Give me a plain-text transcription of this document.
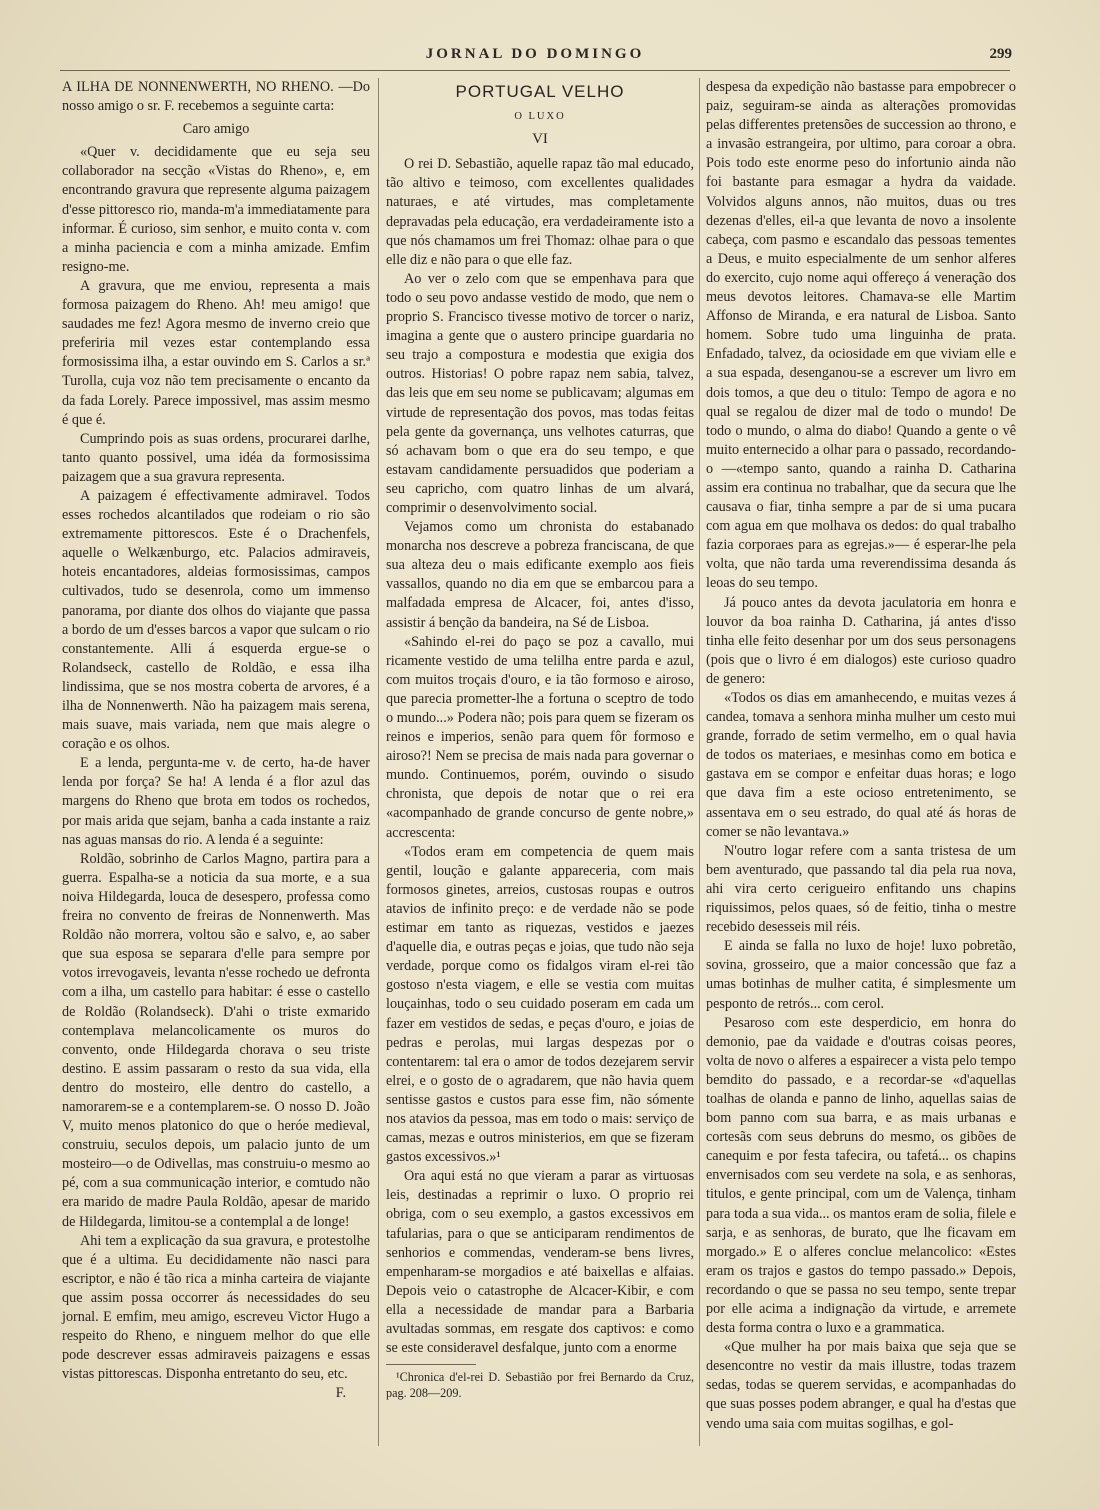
JORNAL DO DOMINGO	299

A ILHA DE NONNENWERTH, NO RHENO. —Do nosso amigo o sr. F. recebemos a seguinte carta:

Caro amigo

«Quer v. decididamente que eu seja seu collaborador na secção «Vistas do Rheno», e, em encontrando gravura que represente alguma paizagem d'esse pittoresco rio, manda-m'a immediatamente para informar. É curioso, sim senhor, e muito conta v. com a minha paciencia e com a minha amizade. Emfim resigno-me.

A gravura, que me enviou, representa a mais formosa paizagem do Rheno. Ah! meu amigo! que saudades me fez! Agora mesmo de inverno creio que preferiria mil vezes estar contemplando essa formosissima ilha, a estar ouvindo em S. Carlos a sr.ª Turolla, cuja voz não tem precisamente o encanto da da fada Lorely. Parece impossivel, mas assim mesmo é que é.

Cumprindo pois as suas ordens, procurarei darlhe, tanto quanto possivel, uma idéa da formosissima paizagem que a sua gravura representa.

A paizagem é effectivamente admiravel. Todos esses rochedos alcantilados que rodeiam o rio são extremamente pittorescos. Este é o Drachenfels, aquelle o Welkænburgo, etc. Palacios admiraveis, hoteis encantadores, aldeias formosissimas, campos cultivados, tudo se desenrola, como um immenso panorama, por diante dos olhos do viajante que passa a bordo de um d'esses barcos a vapor que sulcam o rio constantemente. Alli á esquerda ergue-se o Rolandseck, castello de Roldão, e essa ilha lindissima, que se nos mostra coberta de arvores, é a ilha de Nonnenwerth. Não ha paizagem mais serena, mais suave, mais variada, nem que mais alegre o coração e os olhos.

E a lenda, pergunta-me v. de certo, ha-de haver lenda por força? Se ha! A lenda é a flor azul das margens do Rheno que brota em todos os rochedos, por mais arida que sejam, banha a cada instante a raiz nas aguas mansas do rio. A lenda é a seguinte:

Roldão, sobrinho de Carlos Magno, partira para a guerra. Espalha-se a noticia da sua morte, e a sua noiva Hildegarda, louca de desespero, professa como freira no convento de freiras de Nonnenwerth. Mas Roldão não morrera, voltou são e salvo, e, ao saber que sua esposa se separara d'elle para sempre por votos irrevogaveis, levanta n'esse rochedo ue defronta com a ilha, um castello para habitar: é esse o castello de Roldão (Rolandseck). D'ahi o triste exmarido contemplava melancolicamente os muros do convento, onde Hildegarda chorava o seu triste destino. E assim passaram o resto da sua vida, ella dentro do mosteiro, elle dentro do castello, a namorarem-se e a contemplarem-se. O nosso D. João V, muito menos platonico do que o heróe medieval, construiu, seculos depois, um palacio junto de um mosteiro—o de Odivellas, mas construiu-o mesmo ao pé, com a sua communicação interior, e comtudo não era marido de madre Paula Roldão, apesar de marido de Hildegarda, limitou-se a contemplal a de longe!

Ahi tem a explicação da sua gravura, e protestolhe que é a ultima. Eu decididamente não nasci para escriptor, e não é tão rica a minha carteira de viajante que assim possa occorrer ás necessidades do seu jornal. E emfim, meu amigo, escreveu Victor Hugo a respeito do Rheno, e ninguem melhor do que elle pode descrever essas admiraveis paizagens e essas vistas pittorescas. Disponha entretanto do seu, etc.

F.

PORTUGAL VELHO
O LUXO
VI

O rei D. Sebastião, aquelle rapaz tão mal educado, tão altivo e teimoso, com excellentes qualidades naturaes, e até virtudes, mas completamente depravadas pela educação, era verdadeiramente isto a que nós chamamos um frei Thomaz: olhae para o que elle diz e não para o que elle faz.

Ao ver o zelo com que se empenhava para que todo o seu povo andasse vestido de modo, que nem o proprio S. Francisco tivesse motivo de torcer o nariz, imagina a gente que o austero principe guardaria no seu trajo a compostura e modestia que exigia dos outros. Historias! O pobre rapaz nem sabia, talvez, das leis que em seu nome se publicavam; algumas em virtude de representação dos povos, mas todas feitas pela gente da governança, uns velhotes caturras, que só achavam bom o que era do seu tempo, e que estavam candidamente persuadidos que poderiam a seu capricho, com quatro linhas de um alvará, comprimir o desenvolvimento social.

Vejamos como um chronista do estabanado monarcha nos descreve a pobreza franciscana, de que sua alteza deu o mais edificante exemplo aos fieis vassallos, quando no dia em que se embarcou para a malfadada empresa de Alcacer, foi, antes d'isso, assistir á benção da bandeira, na Sé de Lisboa.

«Sahindo el-rei do paço se poz a cavallo, mui ricamente vestido de uma telilha entre parda e azul, com muitos troçais d'ouro, e ia tão formoso e airoso, que parecia prometter-lhe a fortuna o sceptro de todo o mundo...» Podera não; pois para quem se fizeram os reinos e imperios, senão para quem fôr formoso e airoso?! Nem se precisa de mais nada para governar o mundo. Continuemos, porém, ouvindo o sisudo chronista, que depois de notar que o rei era «acompanhado de grande concurso de gente nobre,» accrescenta:

«Todos eram em competencia de quem mais gentil, loução e galante appareceria, com mais formosos ginetes, arreios, custosas roupas e outros atavios de infinito preço: e de verdade não se pode estimar em tanto as riquezas, vestidos e jaezes d'aquelle dia, e outras peças e joias, que tudo não seja verdade, porque como os fidalgos viram el-rei tão gostoso n'esta viagem, e elle se vestia com muitas louçainhas, todo o seu cuidado poseram em cada um fazer em vestidos de sedas, e peças d'ouro, e joias de pedras e perolas, mui largas despezas por o contentarem: tal era o amor de todos dezejarem servir elrei, e o gosto de o agradarem, que não havia quem sentisse gastos e custos para esse fim, não sómente nos atavios da pessoa, mas em todo o mais: serviço de camas, mezas e outros ministerios, em que se fizeram gastos excessivos.»¹

Ora aqui está no que vieram a parar as virtuosas leis, destinadas a reprimir o luxo. O proprio rei obriga, com o seu exemplo, a gastos excessivos em tafularias, para o que se anticiparam rendimentos de senhorios e commendas, venderam-se bens livres, empenharam-se morgadios e até baixellas e alfaias. Depois veio o catastrophe de Alcacer-Kibir, e com ella a necessidade de mandar para a Barbaria avultadas sommas, em resgate dos captivos: e como se este consideravel desfalque, junto com a enorme

¹Chronica d'el-rei D. Sebastião por frei Bernardo da Cruz, pag. 208—209.

despesa da expedição não bastasse para empobrecer o paiz, seguiram-se ainda as alterações promovidas pelas differentes pretensões de succession ao throno, e a invasão estrangeira, por ultimo, para coroar a obra. Pois todo este enorme peso do infortunio ainda não foi bastante para esmagar a hydra da vaidade. Volvidos alguns annos, não muitos, duas ou tres dezenas d'elles, eil-a que levanta de novo a insolente cabeça, com pasmo e escandalo das pessoas tementes a Deus, e muito especialmente de um senhor alferes do exercito, cujo nome aqui offereço á veneração dos meus devotos leitores. Chamava-se elle Martim Affonso de Miranda, e era natural de Lisboa. Santo homem. Sobre tudo uma linguinha de prata. Enfadado, talvez, da ociosidade em que viviam elle e a sua espada, desenganou-se a escrever um livro em dois tomos, a que deu o titulo: Tempo de agora e no qual se regalou de dizer mal de todo o mundo! De todo o mundo, o alma do diabo! Quando a gente o vê muito enternecido a olhar para o passado, recordando-o —«tempo santo, quando a rainha D. Catharina assim era continua no trabalhar, que da secura que lhe causava o fiar, tinha sempre a par de si uma pucara com agua em que molhava os dedos: do qual trabalho fazia corporaes para as egrejas.»— é esperar-lhe pela volta, que não tarda uma reverendissima desanda ás leoas do seu tempo.

Já pouco antes da devota jaculatoria em honra e louvor da boa rainha D. Catharina, já antes d'isso tinha elle feito desenhar por um dos seus personagens (pois que o livro é em dialogos) este curioso quadro de genero:

«Todos os dias em amanhecendo, e muitas vezes á candea, tomava a senhora minha mulher um cesto mui grande, forrado de setim vermelho, em o qual havia de todos os materiaes, e mesinhas como em botica e gastava em se compor e enfeitar duas horas; e logo que dava fim a este ocioso entretenimento, se assentava em o seu estrado, do qual até ás horas de comer se não levantava.»

N'outro logar refere com a santa tristesa de um bem aventurado, que passando tal dia pela rua nova, ahi vira certo cerigueiro enfitando uns chapins riquissimos, pelos quaes, só de feitio, tinha o mestre recebido desesseis mil réis.

E ainda se falla no luxo de hoje! luxo pobretão, sovina, grosseiro, que a maior concessão que faz a umas botinhas de mulher catita, é simplesmente um pesponto de retrós... com cerol.

Pesaroso com este desperdicio, em honra do demonio, pae da vaidade e d'outras coisas peores, volta de novo o alferes a espairecer a vista pelo tempo bemdito do passado, e a recordar-se «d'aquellas toalhas de olanda e panno de linho, aquellas saias de bom panno com sua barra, e as mais urbanas e cortesãs com seus debruns do mesmo, os gibões de canequim e por festa tafecira, ou tafetá... os chapins envernisados com seu verdete na sola, e as senhoras, titulos, e gente principal, com um de Valença, tinham para toda a sua vida... os mantos eram de solia, filele e sarja, e as senhoras, de burato, que lhe ficavam em morgado.» E o alferes conclue melancolico: «Estes eram os trajos e gastos do tempo passado.» Depois, recordando o que se passa no seu tempo, sente trepar por elle acima a indignação da virtude, e arremete desta forma contra o luxo e a grammatica.

«Que mulher ha por mais baixa que seja que se desencontre no vestir da mais illustre, todas trazem sedas, todas se querem servidas, e acompanhadas do que suas posses podem abranger, e qual ha d'estas que vendo uma saia com muitas sogilhas, e gol-
